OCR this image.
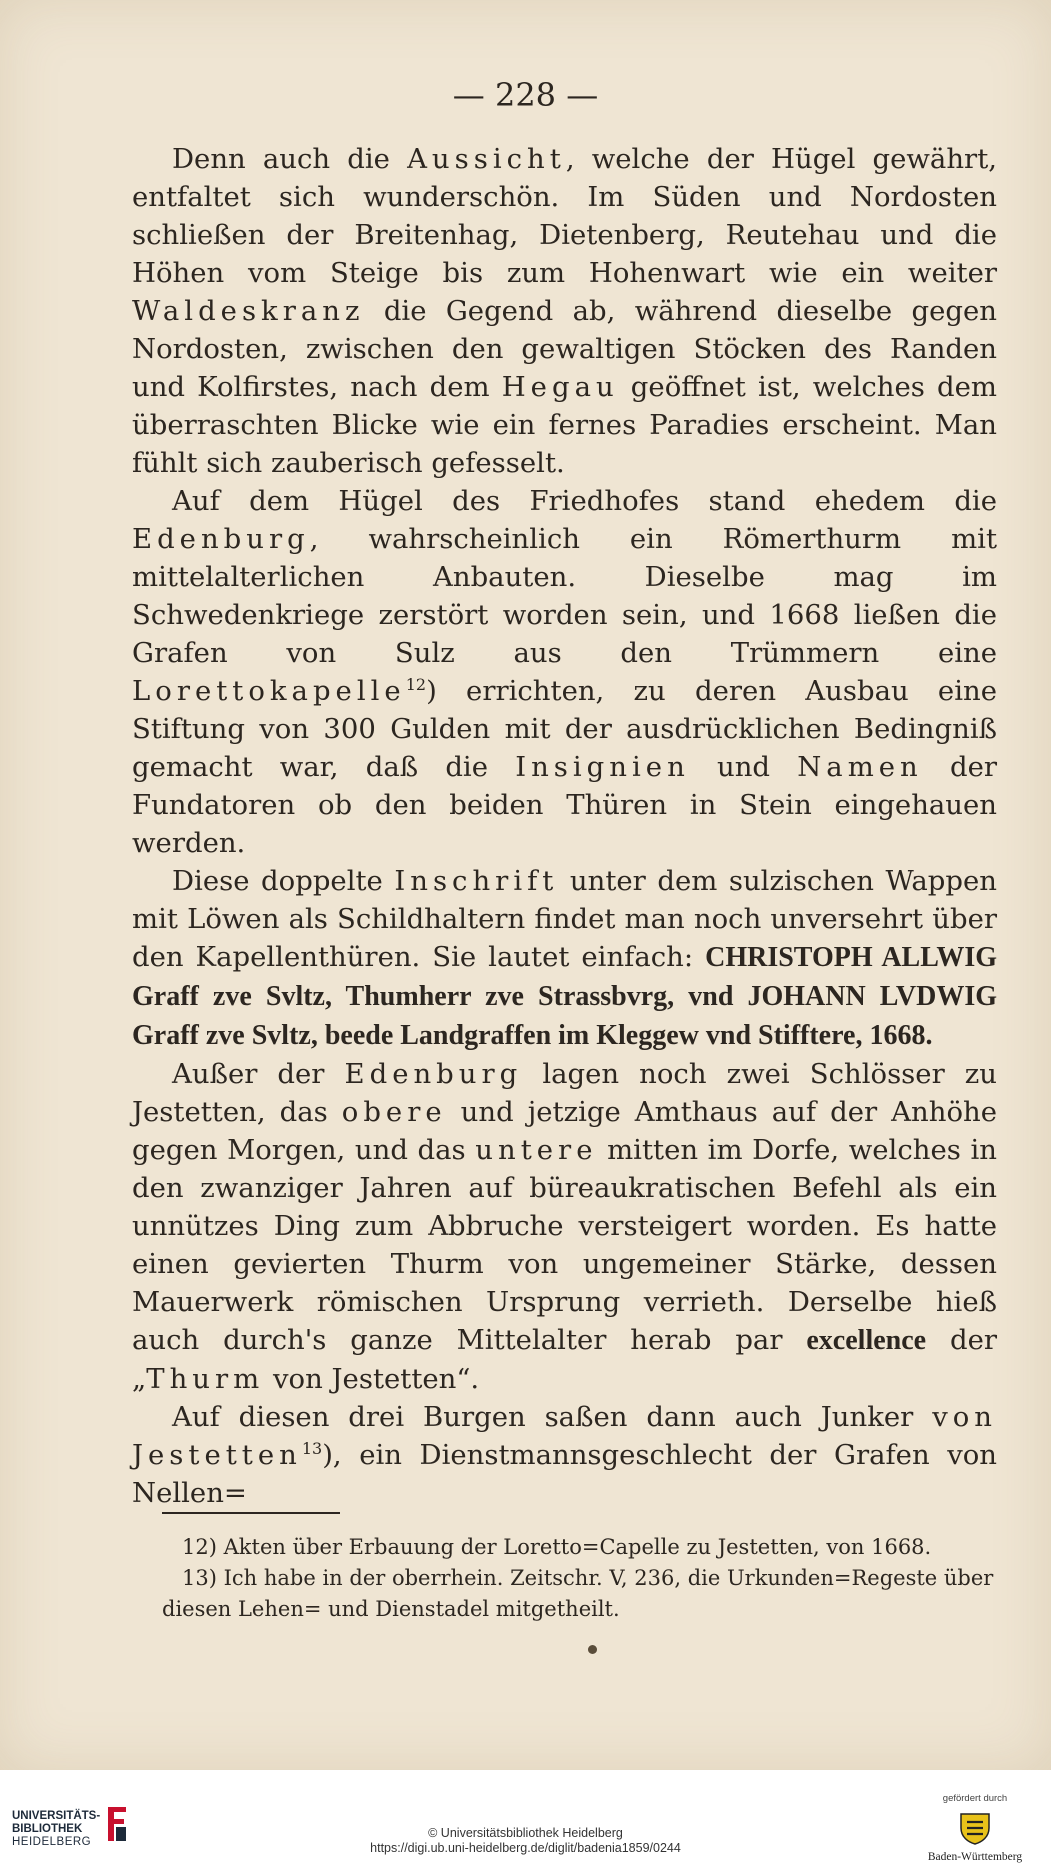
— 228 —

Denn auch die Aussicht, welche der Hügel gewährt, entfaltet sich wunderschön. Im Süden und Nordosten schließen der Breitenhag, Dietenberg, Reutehau und die Höhen vom Steige bis zum Hohenwart wie ein weiter Waldeskranz die Gegend ab, während dieselbe gegen Nordosten, zwischen den gewaltigen Stöcken des Randen und Kolfirstes, nach dem Hegau geöffnet ist, welches dem überraschten Blicke wie ein fernes Paradies erscheint. Man fühlt sich zauberisch gefesselt.

Auf dem Hügel des Friedhofes stand ehedem die Edenburg, wahrscheinlich ein Römerthurm mit mittelalterlichen Anbauten. Dieselbe mag im Schwedenkriege zerstört worden sein, und 1668 ließen die Grafen von Sulz aus den Trümmern eine Lorettokapelle$^{12}$) errichten, zu deren Ausbau eine Stiftung von 300 Gulden mit der ausdrücklichen Bedingniß gemacht war, daß die Insignien und Namen der Fundatoren ob den beiden Thüren in Stein eingehauen werden.

Diese doppelte Inschrift unter dem sulzischen Wappen mit Löwen als Schildhaltern findet man noch unversehrt über den Kapellenthüren. Sie lautet einfach: CHRISTOPH ALLWIG Graff zve Svltz, Thumherr zve Strassbvrg, vnd JOHANN LVDWIG Graff zve Svltz, beede Landgraffen im Kleggew vnd Stifftere, 1668.

Außer der Edenburg lagen noch zwei Schlösser zu Jestetten, das obere und jetzige Amthaus auf der Anhöhe gegen Morgen, und das untere mitten im Dorfe, welches in den zwanziger Jahren auf büreaukratischen Befehl als ein unnützes Ding zum Abbruche versteigert worden. Es hatte einen gevierten Thurm von ungemeiner Stärke, dessen Mauerwerk römischen Ursprung verrieth. Derselbe hieß auch durch's ganze Mittelalter herab par excellence der „Thurm von Jestetten“.

Auf diesen drei Burgen saßen dann auch Junker von Jestetten$^{13}$), ein Dienstmannsgeschlecht der Grafen von Nellen=

12) Akten über Erbauung der Loretto=Capelle zu Jestetten, von 1668.

13) Ich habe in der oberrhein. Zeitschr. V, 236, die Urkunden=Regeste über diesen Lehen= und Dienstadel mitgetheilt.

UNIVERSITÄTS-
BIBLIOTHEK
HEIDELBERG
© Universitätsbibliothek Heidelberg
https://digi.ub.uni-heidelberg.de/diglit/badenia1859/0244
gefördert durch
Baden-Württemberg
